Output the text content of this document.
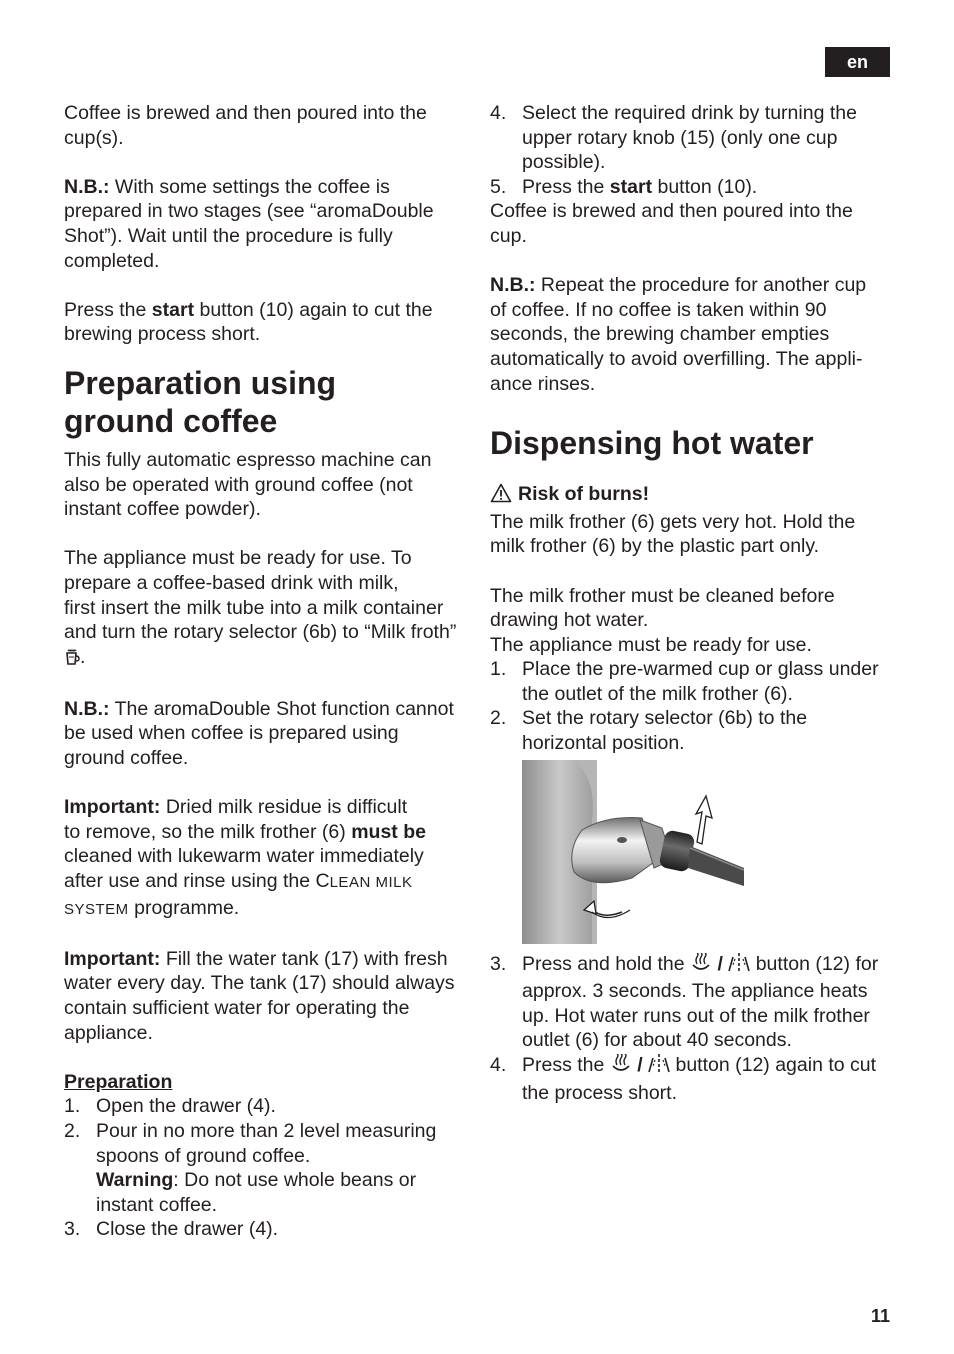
en

Coffee is brewed and then poured into the cup(s).

N.B.: With some settings the coffee is prepared in two stages (see “aromaDouble Shot”). Wait until the procedure is fully completed.

Press the start button (10) again to cut the brewing process short.

Preparation using
ground coffee

This fully automatic espresso machine can also be operated with ground coffee (not instant coffee powder).

The appliance must be ready for use. To
prepare a coffee-based drink with milk,
first insert the milk tube into a milk container and turn the rotary selector (6b) to “Milk froth” .

N.B.: The aromaDouble Shot function cannot be used when coffee is prepared using ground coffee.

Important: Dried milk residue is difficult
to remove, so the milk frother (6) must be cleaned with lukewarm water immediately after use and rinse using the CLEAN MILK SYSTEM programme.

Important: Fill the water tank (17) with fresh water every day. The tank (17) should always contain sufficient water for operating the appliance.

Preparation

1. Open the drawer (4).
2. Pour in no more than 2 level measuring spoons of ground coffee.
Warning: Do not use whole beans or instant coffee.
3. Close the drawer (4).
4. Select the required drink by turning the upper rotary knob (15) (only one cup possible).
5. Press the start button (10).

Coffee is brewed and then poured into the cup.

N.B.: Repeat the procedure for another cup of coffee. If no coffee is taken within 90 seconds, the brewing chamber empties automatically to avoid overfilling. The appli-ance rinses.

Dispensing hot water

Risk of burns!

The milk frother (6) gets very hot. Hold the milk frother (6) by the plastic part only.

The milk frother must be cleaned before drawing hot water.

The appliance must be ready for use.

1. Place the pre-warmed cup or glass under the outlet of the milk frother (6).
2. Set the rotary selector (6b) to the horizontal position.
3. Press and hold the  /  button (12) for approx. 3 seconds. The appliance heats up. Hot water runs out of the milk frother outlet (6) for about 40 seconds.
4. Press the  /  button (12) again to cut the process short.
11
